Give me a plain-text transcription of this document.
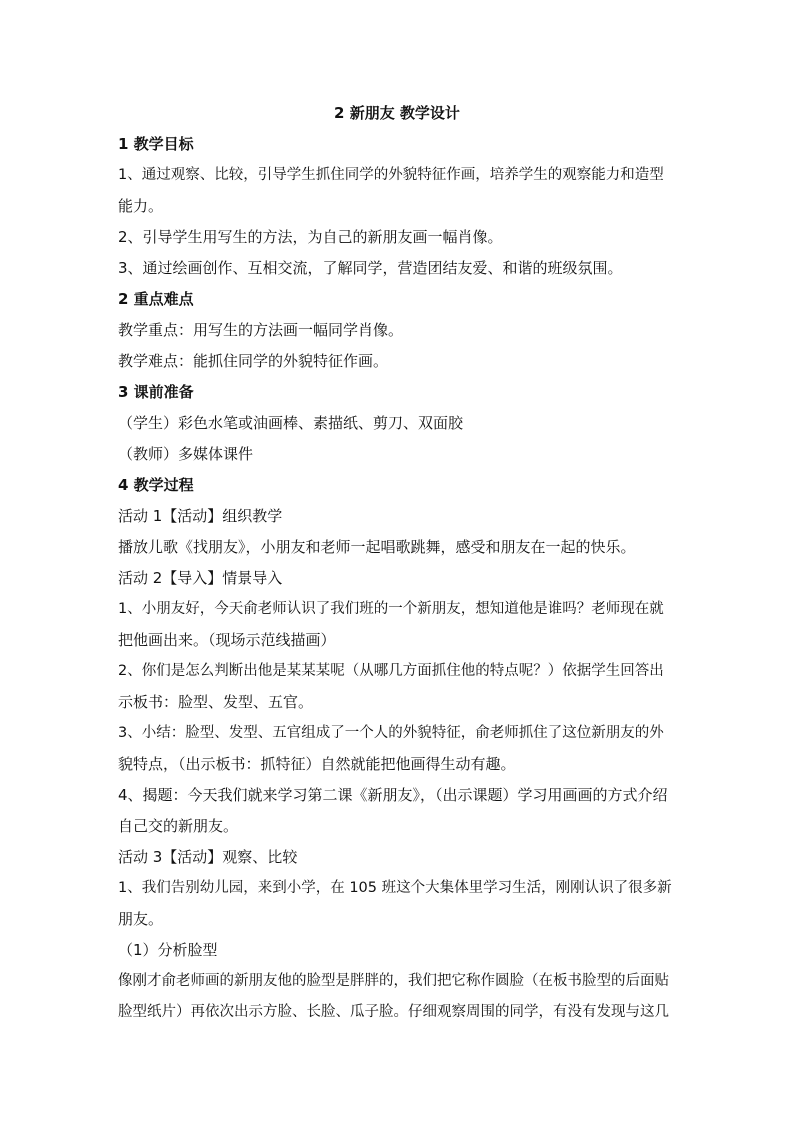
2 新朋友 教学设计

1 教学目标

1、通过观察、比较，引导学生抓住同学的外貌特征作画，培养学生的观察能力和造型

能力。

2、引导学生用写生的方法，为自己的新朋友画一幅肖像。

3、通过绘画创作、互相交流，了解同学，营造团结友爱、和谐的班级氛围。

2 重点难点

教学重点：用写生的方法画一幅同学肖像。

教学难点：能抓住同学的外貌特征作画。

3 课前准备

（学生）彩色水笔或油画棒、素描纸、剪刀、双面胶

（教师）多媒体课件

4 教学过程

活动 1【活动】组织教学

播放儿歌《找朋友》，小朋友和老师一起唱歌跳舞，感受和朋友在一起的快乐。

活动 2【导入】情景导入

1、小朋友好，今天俞老师认识了我们班的一个新朋友，想知道他是谁吗？老师现在就

把他画出来。（现场示范线描画）

2、你们是怎么判断出他是某某某呢（从哪几方面抓住他的特点呢？）依据学生回答出

示板书：脸型、发型、五官。

3、小结：脸型、发型、五官组成了一个人的外貌特征，俞老师抓住了这位新朋友的外

貌特点，（出示板书：抓特征）自然就能把他画得生动有趣。

4、揭题：今天我们就来学习第二课《新朋友》，（出示课题）学习用画画的方式介绍

自己交的新朋友。

活动 3【活动】观察、比较

1、我们告别幼儿园，来到小学，在 105 班这个大集体里学习生活，刚刚认识了很多新

朋友。

（1）分析脸型

像刚才俞老师画的新朋友他的脸型是胖胖的，我们把它称作圆脸（在板书脸型的后面贴

脸型纸片）再依次出示方脸、长脸、瓜子脸。仔细观察周围的同学，有没有发现与这几
